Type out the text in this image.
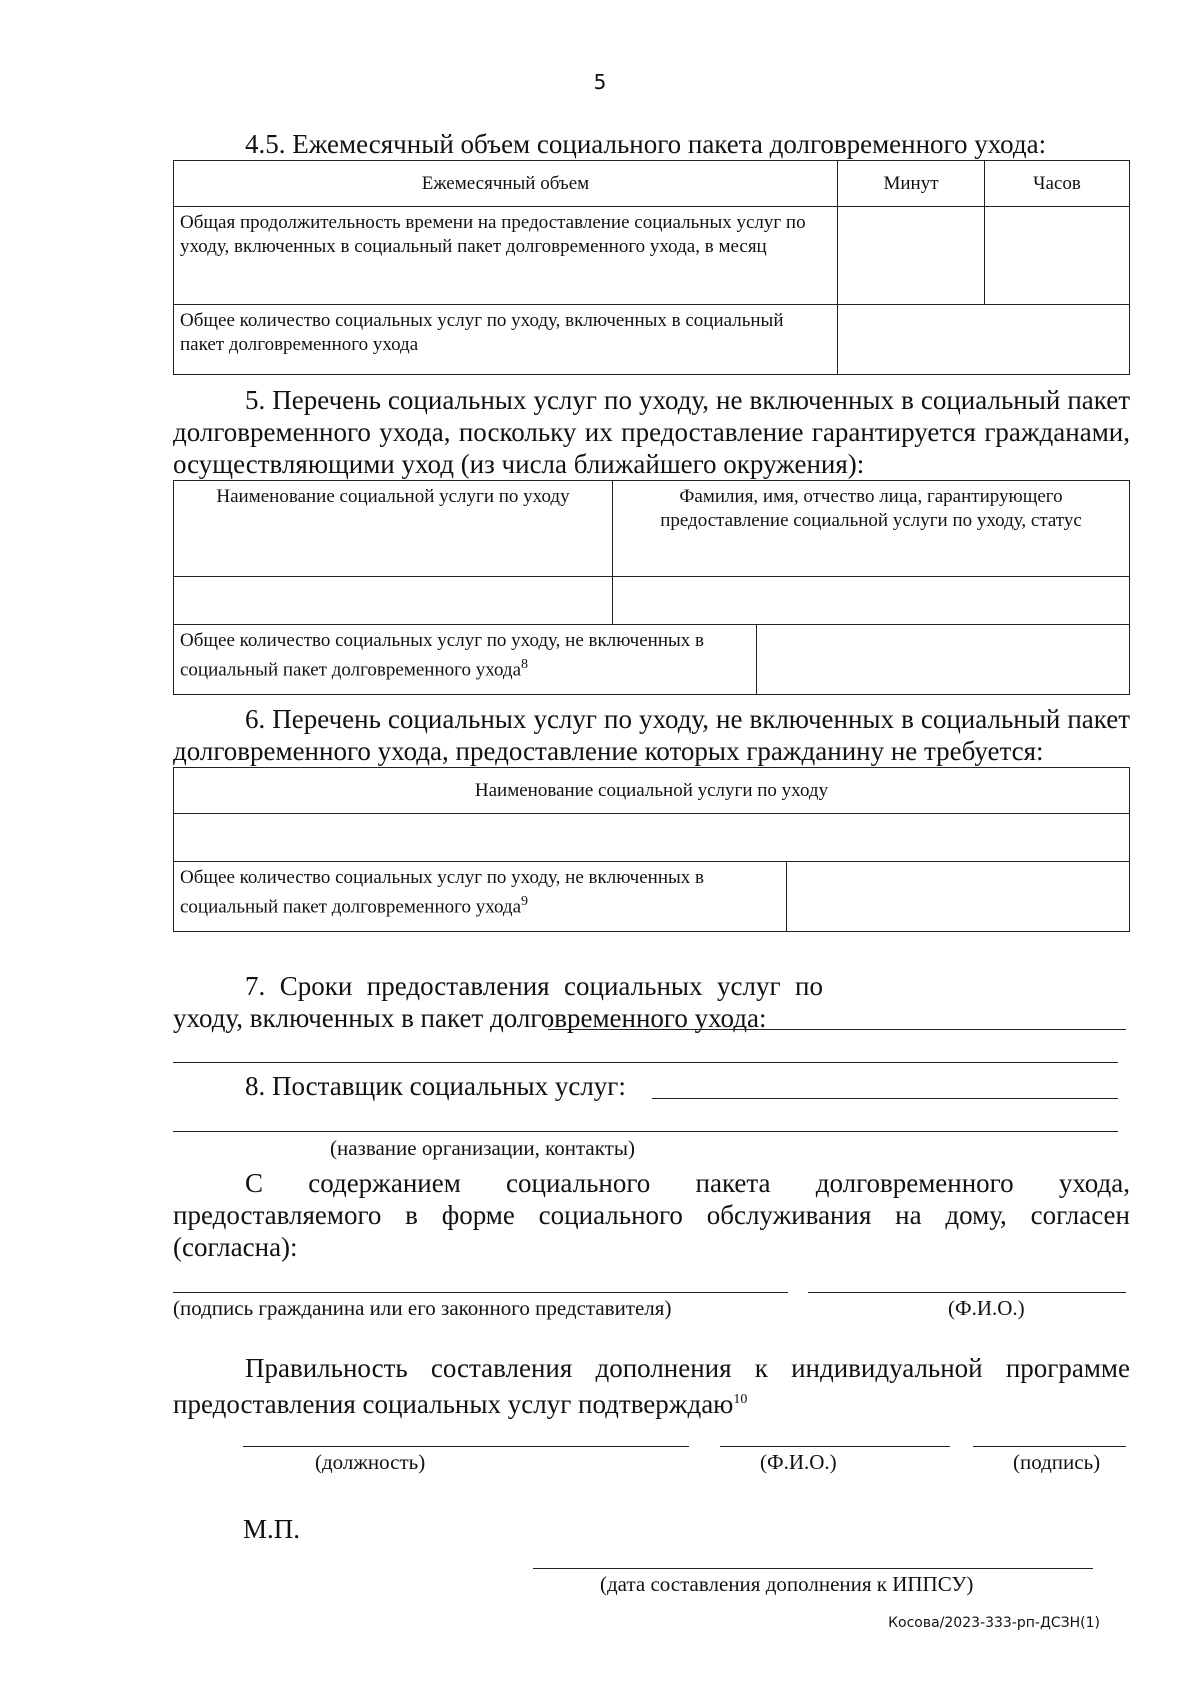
5

4.5. Ежемесячный объем социального пакета долговременного ухода:

Ежемесячный объем	Минут	Часов
Общая продолжительность времени на предоставление социальных услуг по уходу, включенных в социальный пакет долговременного ухода, в месяц		
Общее количество социальных услуг по уходу, включенных в социальный пакет долговременного ухода		

5. Перечень социальных услуг по уходу, не включенных в социальный пакет долговременного ухода, поскольку их предоставление гарантируется гражданами, осуществляющими уход (из числа ближайшего окружения):

Наименование социальной услуги по уходу	Фамилия, имя, отчество лица, гарантирующего предоставление социальной услуги по уходу, статус

Общее количество социальных услуг по уходу, не включенных в социальный пакет долговременного ухода$^8$	

6. Перечень социальных услуг по уходу, не включенных в социальный пакет долговременного ухода, предоставление которых гражданину не требуется:

Наименование социальной услуги по уходу

Общее количество социальных услуг по уходу, не включенных в социальный пакет долговременного ухода$^9$	

7. Сроки предоставления социальных услуг по уходу, включенных в пакет долговременного ухода:

8. Поставщик социальных услуг:

(название организации, контакты)

С содержанием социального пакета долговременного ухода, предоставляемого в форме социального обслуживания на дому, согласен (согласна):

(подпись гражданина или его законного представителя)	(Ф.И.О.)

Правильность составления дополнения к индивидуальной программе предоставления социальных услуг подтверждаю$^{10}$

(должность)	(Ф.И.О.)	(подпись)
М.П.
(дата составления дополнения к ИППСУ)
Косова/2023-333-рп-ДСЗН(1)
